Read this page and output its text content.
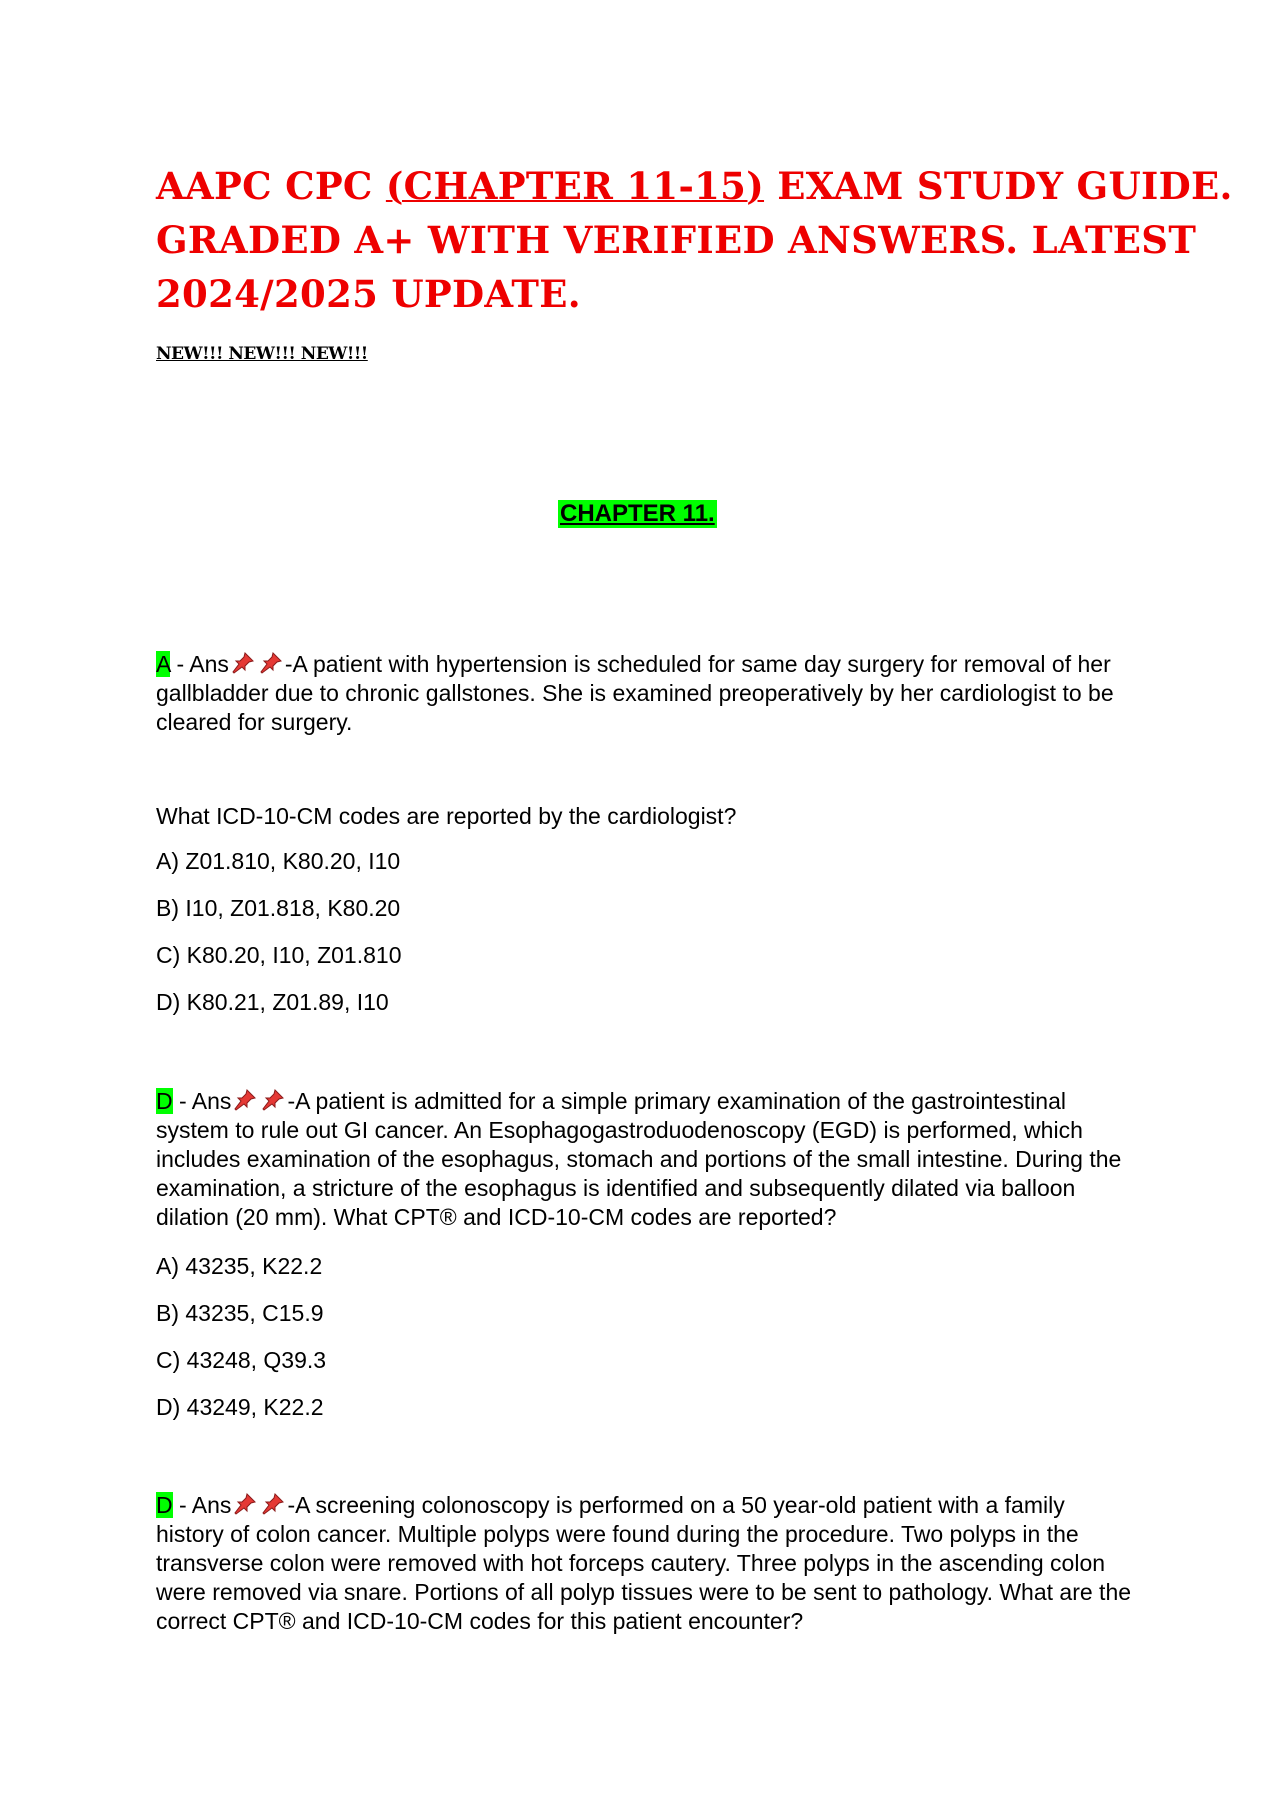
AAPC CPC (CHAPTER 11-15) EXAM STUDY GUIDE.
GRADED A+ WITH VERIFIED ANSWERS. LATEST
2024/2025 UPDATE.
NEW!!! NEW!!! NEW!!!
CHAPTER 11.
A - Ans -A patient with hypertension is scheduled for same day surgery for removal of her gallbladder due to chronic gallstones. She is examined preoperatively by her cardiologist to be cleared for surgery.
What ICD-10-CM codes are reported by the cardiologist?
A) Z01.810, K80.20, I10
B) I10, Z01.818, K80.20
C) K80.20, I10, Z01.810
D) K80.21, Z01.89, I10
D - Ans -A patient is admitted for a simple primary examination of the gastrointestinal system to rule out GI cancer. An Esophagogastroduodenoscopy (EGD) is performed, which includes examination of the esophagus, stomach and portions of the small intestine. During the examination, a stricture of the esophagus is identified and subsequently dilated via balloon dilation (20 mm). What CPT® and ICD-10-CM codes are reported?
A) 43235, K22.2
B) 43235, C15.9
C) 43248, Q39.3
D) 43249, K22.2
D - Ans -A screening colonoscopy is performed on a 50 year-old patient with a family history of colon cancer. Multiple polyps were found during the procedure. Two polyps in the transverse colon were removed with hot forceps cautery. Three polyps in the ascending colon were removed via snare. Portions of all polyp tissues were to be sent to pathology. What are the correct CPT® and ICD-10-CM codes for this patient encounter?
